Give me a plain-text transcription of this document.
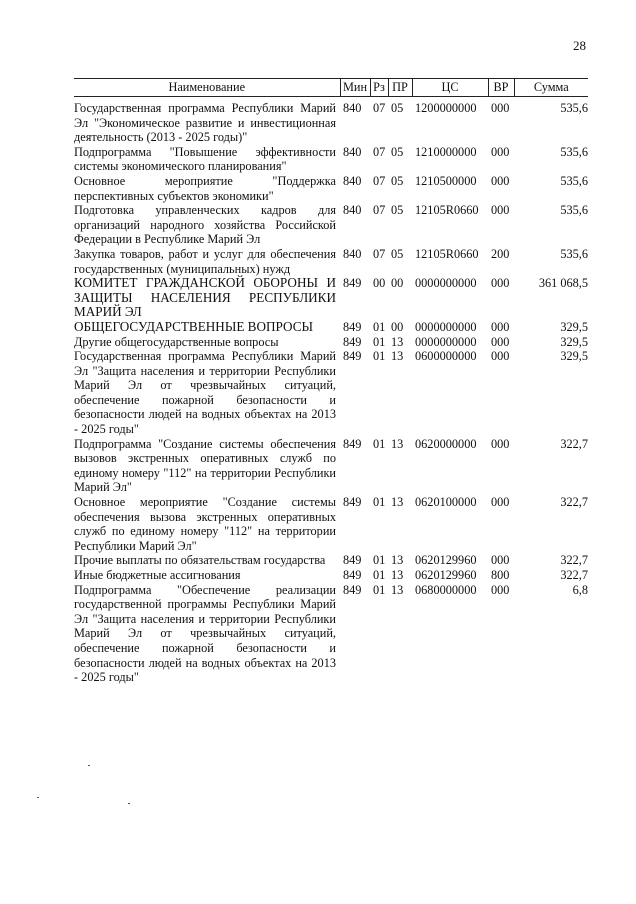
28
Наименование	Мин	Рз	ПР	ЦС	ВР	Сумма

Государственная программа Республики Марий Эл "Экономическое развитие и инвестиционная деятельность (2013 - 2025 годы)"	840	07	05	1200000000	000	535,6
Подпрограмма "Повышение эффективности системы экономического планирования"	840	07	05	1210000000	000	535,6
Основное мероприятие "Поддержка перспективных субъектов экономики"	840	07	05	1210500000	000	535,6
Подготовка управленческих кадров для организаций народного хозяйства Российской Федерации в Республике Марий Эл	840	07	05	12105R0660	000	535,6
Закупка товаров, работ и услуг для обеспечения государственных (муниципальных) нужд	840	07	05	12105R0660	200	535,6
КОМИТЕТ ГРАЖДАНСКОЙ ОБОРОНЫ И ЗАЩИТЫ НАСЕЛЕНИЯ РЕСПУБЛИКИ МАРИЙ ЭЛ	849	00	00	0000000000	000	361 068,5
ОБЩЕГОСУДАРСТВЕННЫЕ ВОПРОСЫ	849	01	00	0000000000	000	329,5
Другие общегосударственные вопросы	849	01	13	0000000000	000	329,5
Государственная программа Республики Марий Эл "Защита населения и территории Республики Марий Эл от чрезвычайных ситуаций, обеспечение пожарной безопасности и безопасности людей на водных объектах на 2013 - 2025 годы"	849	01	13	0600000000	000	329,5
Подпрограмма "Создание системы обеспечения вызовов экстренных оперативных служб по единому номеру "112" на территории Республики Марий Эл"	849	01	13	0620000000	000	322,7
Основное мероприятие "Создание системы обеспечения вызова экстренных оперативных служб по единому номеру "112" на территории Республики Марий Эл"	849	01	13	0620100000	000	322,7
Прочие выплаты по обязательствам государства	849	01	13	0620129960	000	322,7
Иные бюджетные ассигнования	849	01	13	0620129960	800	322,7
Подпрограмма "Обеспечение реализации государственной программы Республики Марий Эл "Защита населения и территории Республики Марий Эл от чрезвычайных ситуаций, обеспечение пожарной безопасности и безопасности людей на водных объектах на 2013 - 2025 годы"	849	01	13	0680000000	000	6,8
